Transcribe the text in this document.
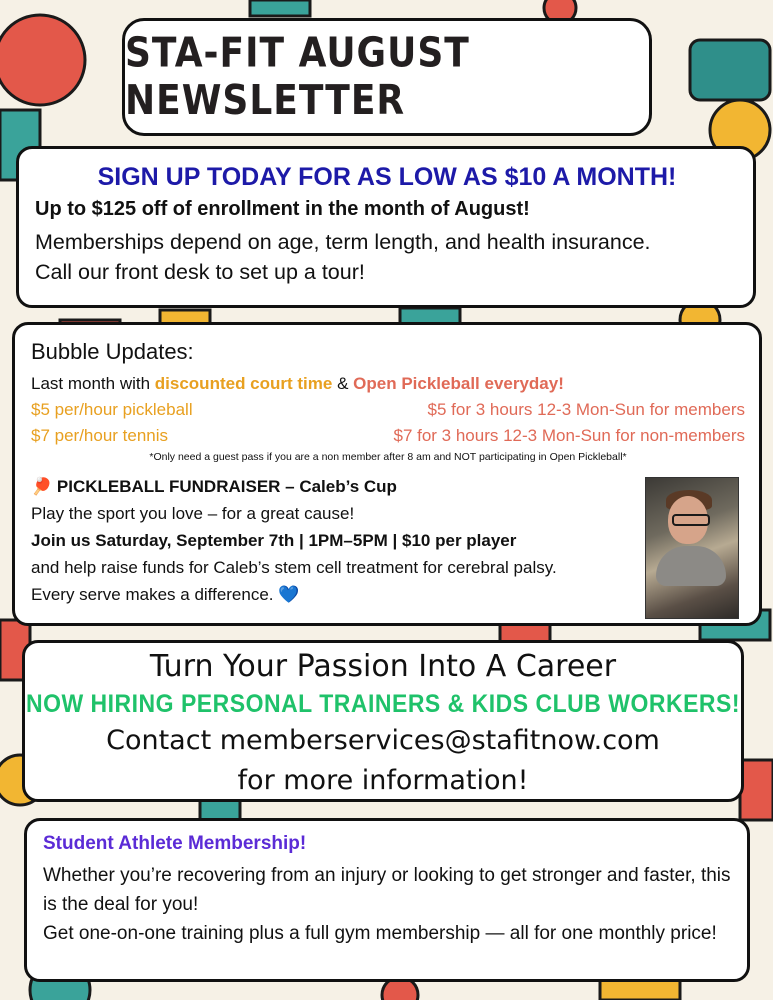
STA-FIT AUGUST NEWSLETTER
SIGN UP TODAY FOR AS LOW AS $10 A MONTH!
Up to $125 off of enrollment in the month of August!
Memberships depend on age, term length, and health insurance.
Call our front desk to set up a tour!
Bubble Updates:
Last month with discounted court time & Open Pickleball everyday!
$5 per/hour pickleball	$5 for 3 hours 12-3 Mon-Sun for members
$7 per/hour tennis	$7 for 3 hours 12-3 Mon-Sun for non-members
*Only need a guest pass if you are a non member after 8 am and NOT participating in Open Pickleball*
🏓 PICKLEBALL FUNDRAISER – Caleb’s Cup
Play the sport you love – for a great cause!
Join us Saturday, September 7th | 1PM–5PM | $10 per player
and help raise funds for Caleb’s stem cell treatment for cerebral palsy.
Every serve makes a difference. 💙
Turn Your Passion Into A Career
NOW HIRING PERSONAL TRAINERS & KIDS CLUB WORKERS!
Contact memberservices@stafitnow.com
for more information!
Student Athlete Membership!
Whether you’re recovering from an injury or looking to get stronger and faster, this is the deal for you!
Get one-on-one training plus a full gym membership — all for one monthly price!
